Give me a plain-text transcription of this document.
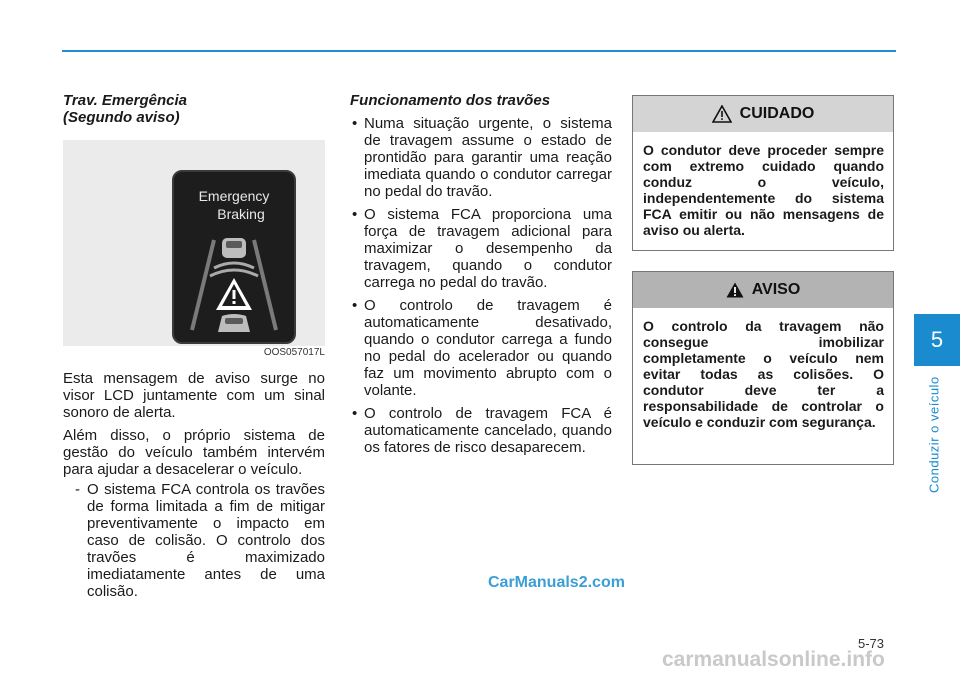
Trav. Emergência
(Segundo aviso)
Emergency
Braking
OOS057017L

Esta mensagem de aviso surge no visor LCD juntamente com um sinal sonoro de alerta.

Além disso, o próprio sistema de gestão do veículo também intervém para ajudar a desacelerar o veículo.

- O sistema FCA controla os travões de forma limitada a fim de mitigar preventivamente o impacto em caso de colisão. O controlo dos travões é maximizado imediatamente antes de uma colisão.
Funcionamento dos travões
• Numa situação urgente, o sistema de travagem assume o estado de prontidão para garantir uma reação imediata quando o condutor carregar no pedal do travão.
• O sistema FCA proporciona uma força de travagem adicional para maximizar o desempenho da travagem, quando o condutor carrega no pedal do travão.
• O controlo de travagem é automaticamente desativado, quando o condutor carrega a fundo no pedal do acelerador ou quando faz um movimento abrupto com o volante.
• O controlo de travagem FCA é automaticamente cancelado, quando os fatores de risco desaparecem.
CUIDADO
O condutor deve proceder sempre com extremo cuidado quando conduz o veículo, independentemente do sistema FCA emitir ou não mensagens de aviso ou alerta.
AVISO
O controlo da travagem não consegue imobilizar completamente o veículo nem evitar todas as colisões. O condutor deve ter a responsabilidade de controlar o veículo e conduzir com segurança.
5
Conduzir o veículo
CarManuals2.com
5-73
carmanualsonline.info
